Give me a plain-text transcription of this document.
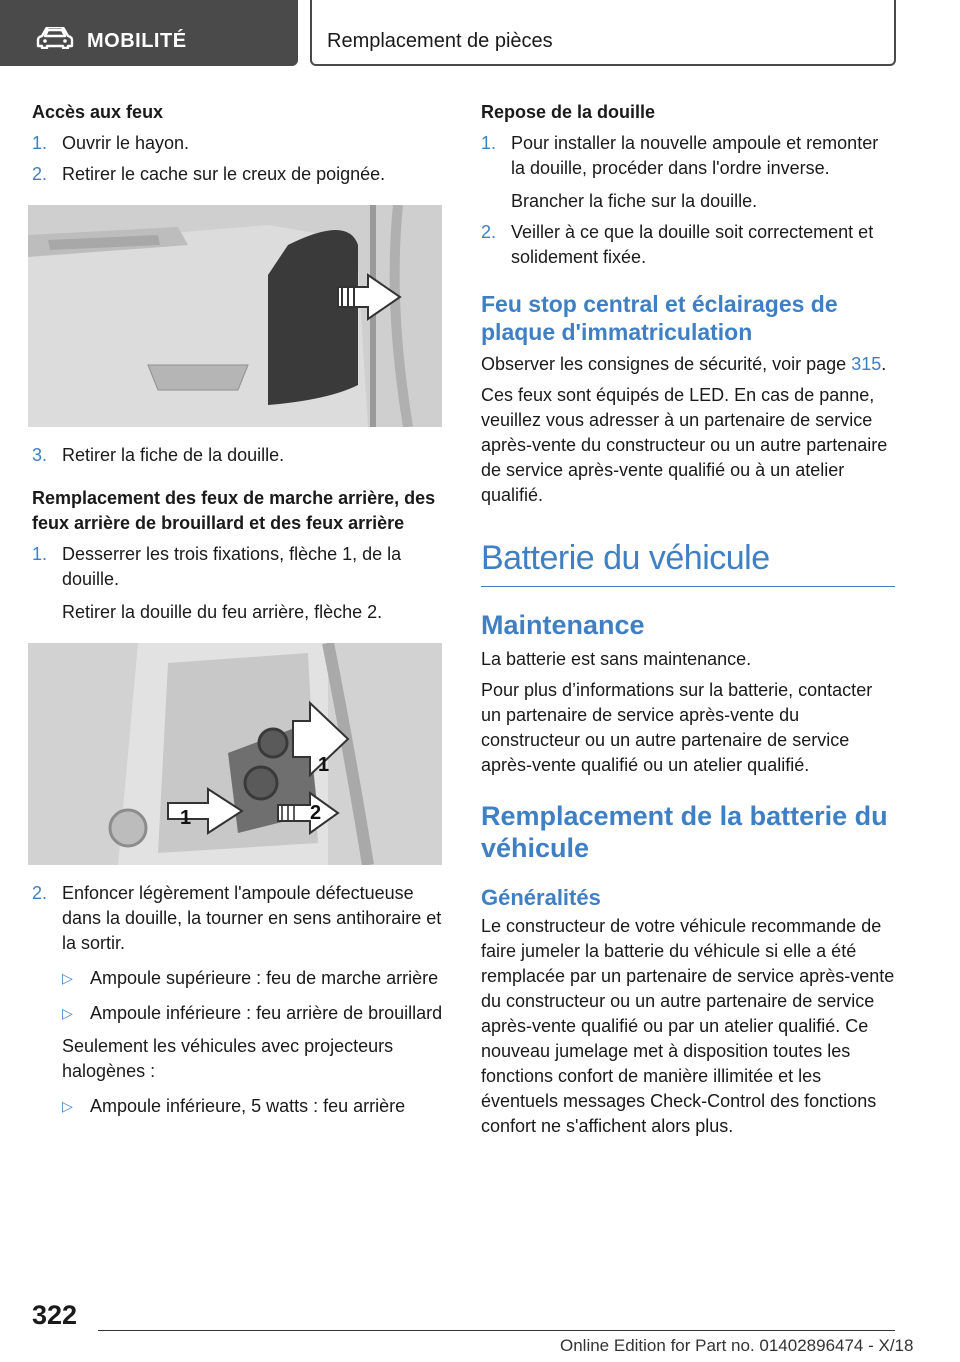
MOBILITÉ	Remplacement de pièces
Accès aux feux
1. Ouvrir le hayon.
2. Retirer le cache sur le creux de poignée.
3. Retirer la fiche de la douille.
Remplacement des feux de marche arrière, des feux arrière de brouillard et des feux arrière
1. Desserrer les trois fixations, flèche 1, de la douille.
Retirer la douille du feu arrière, flèche 2.
1
1	2
2. Enfoncer légèrement l'ampoule défectueuse dans la douille, la tourner en sens antihoraire et la sortir.
▷ Ampoule supérieure : feu de marche arrière
▷ Ampoule inférieure : feu arrière de brouillard
Seulement les véhicules avec projecteurs halogènes :
▷ Ampoule inférieure, 5 watts : feu arrière
Repose de la douille
1. Pour installer la nouvelle ampoule et remonter la douille, procéder dans l'ordre inverse.
Brancher la fiche sur la douille.
2. Veiller à ce que la douille soit correctement et solidement fixée.
Feu stop central et éclairages de plaque d'immatriculation
Observer les consignes de sécurité, voir page 315.
Ces feux sont équipés de LED. En cas de panne, veuillez vous adresser à un partenaire de service après-vente du constructeur ou un autre partenaire de service après-vente qualifié ou à un atelier qualifié.
Batterie du véhicule
Maintenance
La batterie est sans maintenance.
Pour plus d’informations sur la batterie, contacter un partenaire de service après-vente du constructeur ou un autre partenaire de service après-vente qualifié ou un atelier qualifié.
Remplacement de la batterie du véhicule
Généralités
Le constructeur de votre véhicule recommande de faire jumeler la batterie du véhicule si elle a été remplacée par un partenaire de service après-vente du constructeur ou un autre partenaire de service après-vente qualifié ou par un atelier qualifié. Ce nouveau jumelage met à disposition toutes les fonctions confort de manière illimitée et les éventuels messages Check-Control des fonctions confort ne s'affichent alors plus.
322
Online Edition for Part no. 01402896474 - X/18
